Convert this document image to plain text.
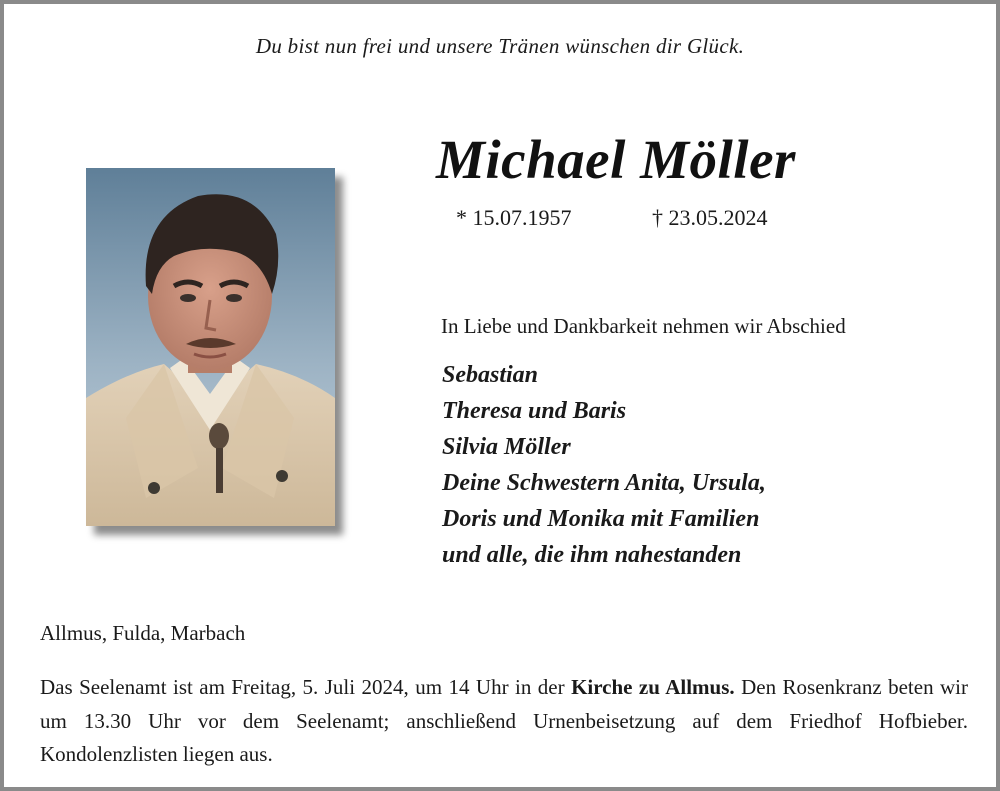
Du bist nun frei und unsere Tränen wünschen dir Glück.
Michael Möller
* 15.07.1957	† 23.05.2024
In Liebe und Dankbarkeit nehmen wir Abschied
Sebastian
Theresa und Baris
Silvia Möller
Deine Schwestern Anita, Ursula,
Doris und Monika mit Familien
und alle, die ihm nahestanden
Allmus, Fulda, Marbach

Das Seelenamt ist am Freitag, 5. Juli 2024, um 14 Uhr in der Kirche zu Allmus. Den Rosenkranz beten wir um 13.30 Uhr vor dem Seelenamt; anschließend Urnenbeisetzung auf dem Friedhof Hofbieber. Kondolenzlisten liegen aus.
